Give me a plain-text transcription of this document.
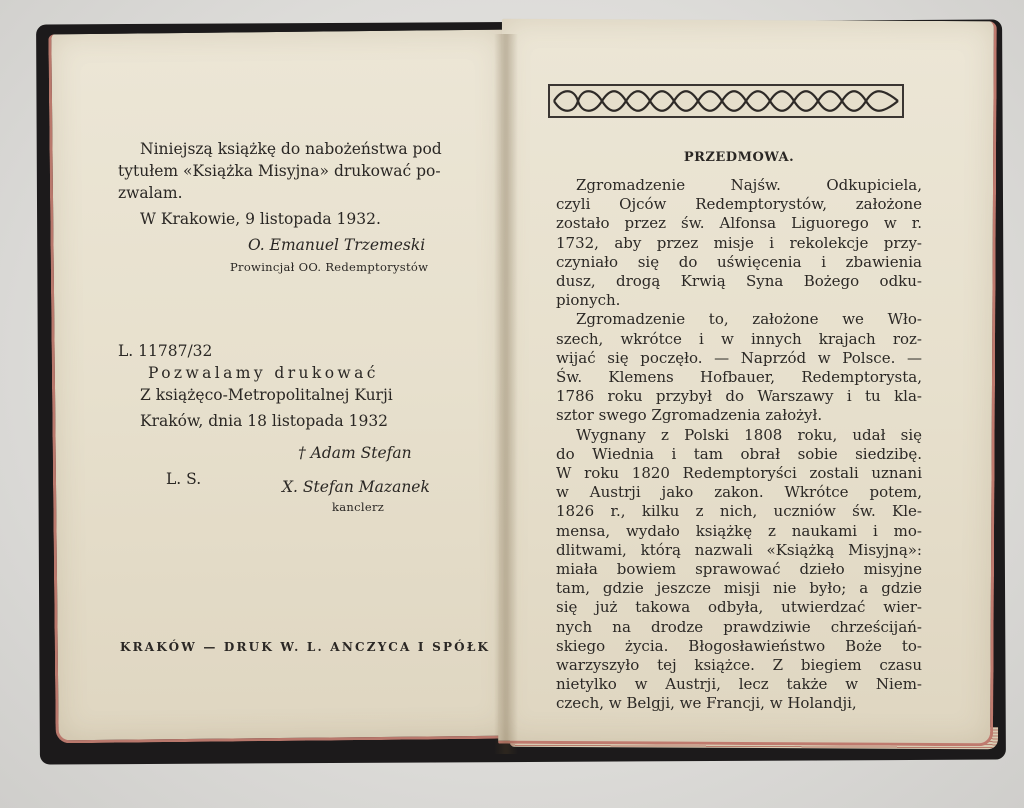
Niniejszą książkę do nabożeństwa pod
tytułem «Książka Misyjna» drukować po-
zwalam.
W Krakowie, 9 listopada 1932.
O. Emanuel Trzemeski
Prowincjał OO. Redemptorystów
L. 11787/32
Pozwalamy drukować
Z książęco-Metropolitalnej Kurji
Kraków, dnia 18 listopada 1932
† Adam Stefan
L. S.	X. Stefan Mazanek
kanclerz
KRAKÓW — DRUK W. L. ANCZYCA I SPÓŁK
PRZEDMOWA.
Zgromadzenie Najśw. Odkupiciela,
czyli Ojców Redemptorystów, założone
zostało przez św. Alfonsa Liguorego w r.
1732, aby przez misje i rekolekcje przy-
czyniało się do uświęcenia i zbawienia
dusz, drogą Krwią Syna Bożego odku-
pionych.
Zgromadzenie to, założone we Wło-
szech, wkrótce i w innych krajach roz-
wijać się poczęło. — Naprzód w Polsce. —
Św. Klemens Hofbauer, Redemptorysta,
1786 roku przybył do Warszawy i tu kla-
sztor swego Zgromadzenia założył.
Wygnany z Polski 1808 roku, udał się
do Wiednia i tam obrał sobie siedzibę.
W roku 1820 Redemptoryści zostali uznani
w Austrji jako zakon. Wkrótce potem,
1826 r., kilku z nich, uczniów św. Kle-
mensa, wydało książkę z naukami i mo-
dlitwami, którą nazwali «Książką Misyjną»:
miała bowiem sprawować dzieło misyjne
tam, gdzie jeszcze misji nie było; a gdzie
się już takowa odbyła, utwierdzać wier-
nych na drodze prawdziwie chrześcijań-
skiego życia. Błogosławieństwo Boże to-
warzyszyło tej książce. Z biegiem czasu
nietylko w Austrji, lecz także w Niem-
czech, w Belgji, we Francji, w Holandji,
